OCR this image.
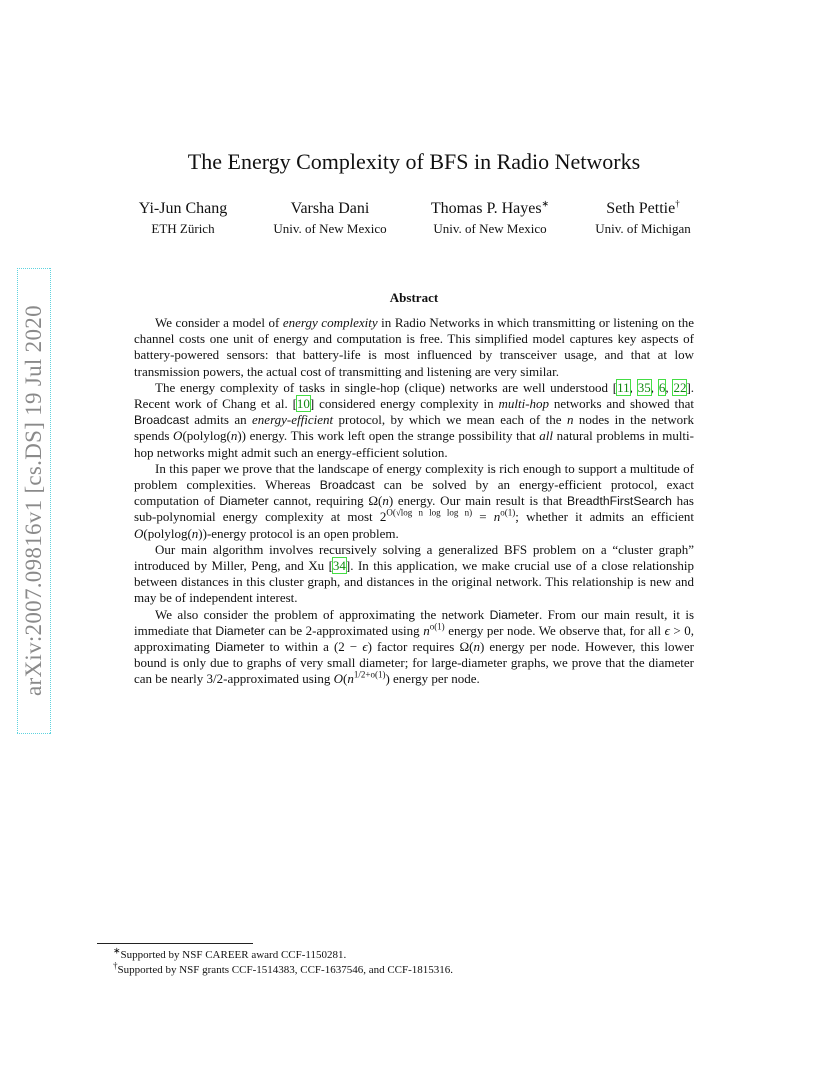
arXiv:2007.09816v1 [cs.DS] 19 Jul 2020
The Energy Complexity of BFS in Radio Networks
Yi-Jun Chang
ETH Zürich
Varsha Dani
Univ. of New Mexico
Thomas P. Hayes∗
Univ. of New Mexico
Seth Pettie†
Univ. of Michigan
Abstract

We consider a model of energy complexity in Radio Networks in which transmitting or listening on the channel costs one unit of energy and computation is free. This simplified model captures key aspects of battery-powered sensors: that battery-life is most influenced by transceiver usage, and that at low transmission powers, the actual cost of transmitting and listening are very similar.

The energy complexity of tasks in single-hop (clique) networks are well understood [11, 35, 6, 22]. Recent work of Chang et al. [10] considered energy complexity in multi-hop networks and showed that Broadcast admits an energy-efficient protocol, by which we mean each of the n nodes in the network spends O(polylog(n)) energy. This work left open the strange possibility that all natural problems in multi-hop networks might admit such an energy-efficient solution.

In this paper we prove that the landscape of energy complexity is rich enough to support a multitude of problem complexities. Whereas Broadcast can be solved by an energy-efficient protocol, exact computation of Diameter cannot, requiring Ω(n) energy. Our main result is that BreadthFirstSearch has sub-polynomial energy complexity at most $2^{O(√log n log log n)} = n^{o(1)}$; whether it admits an efficient O(polylog(n))-energy protocol is an open problem.

Our main algorithm involves recursively solving a generalized BFS problem on a “cluster graph” introduced by Miller, Peng, and Xu [34]. In this application, we make crucial use of a close relationship between distances in this cluster graph, and distances in the original network. This relationship is new and may be of independent interest.

We also consider the problem of approximating the network Diameter. From our main result, it is immediate that Diameter can be 2-approximated using $n^{o(1)}$ energy per node. We observe that, for all ϵ > 0, approximating Diameter to within a (2 − ϵ) factor requires Ω(n) energy per node. However, this lower bound is only due to graphs of very small diameter; for large-diameter graphs, we prove that the diameter can be nearly 3/2-approximated using $O(n^{1/2+o(1)})$ energy per node.

∗Supported by NSF CAREER award CCF-1150281.
†Supported by NSF grants CCF-1514383, CCF-1637546, and CCF-1815316.
